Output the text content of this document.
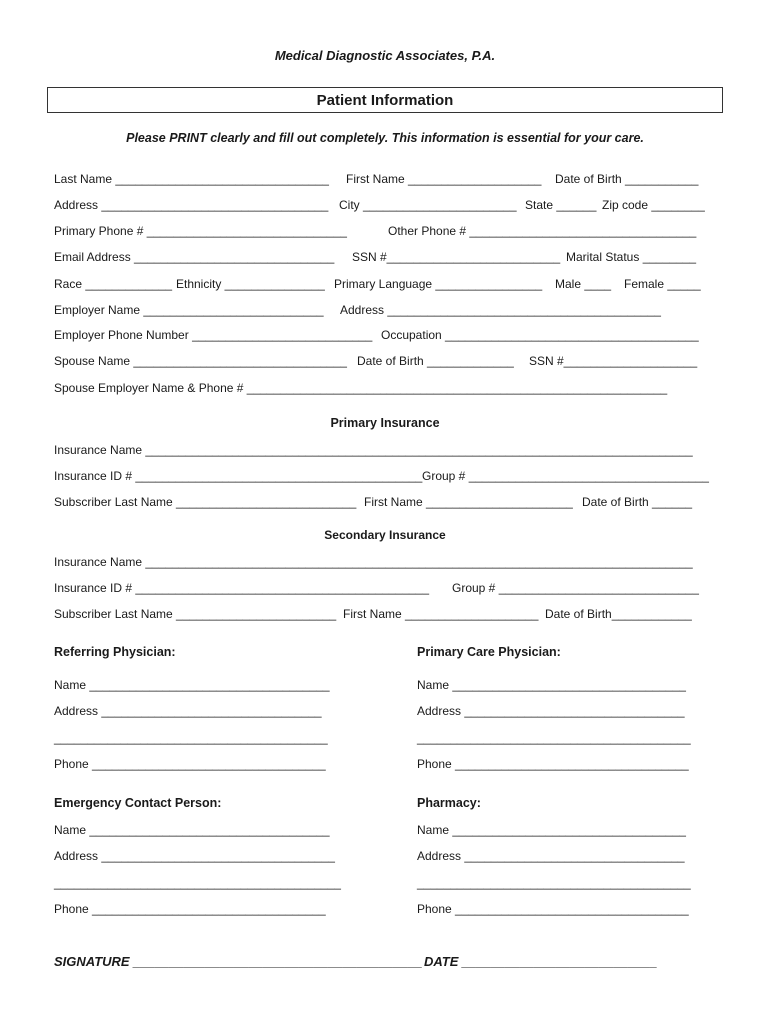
Medical Diagnostic Associates, P.A.
Patient Information
Please PRINT clearly and fill out completely. This information is essential for your care.
Last Name ________________________________ First Name ____________________ Date of Birth ___________
Address __________________________________ City _______________________ State ______ Zip code ________
Primary Phone # ______________________________	Other Phone # __________________________________
Email Address ______________________________ SSN #__________________________ Marital Status ________
Race _____________ Ethnicity _______________ Primary Language ________________ Male ____ Female _____
Employer Name ___________________________ Address _________________________________________
Employer Phone Number ___________________________ Occupation ______________________________________
Spouse Name ________________________________ Date of Birth _____________ SSN #____________________
Spouse Employer Name & Phone # _______________________________________________________________
Primary Insurance
Insurance Name __________________________________________________________________________________
Insurance ID # ___________________________________________ Group # ____________________________________
Subscriber Last Name ___________________________ First Name ______________________ Date of Birth ______
Secondary Insurance
Insurance Name __________________________________________________________________________________
Insurance ID # ____________________________________________ Group # ______________________________
Subscriber Last Name ________________________ First Name ____________________ Date of Birth____________
Referring Physician:	Primary Care Physician:
Name ____________________________________	Name ___________________________________
Address _________________________________	Address _________________________________
_________________________________________	_________________________________________
Phone ___________________________________	Phone ___________________________________
Emergency Contact Person:	Pharmacy:
Name ____________________________________	Name ___________________________________
Address ___________________________________	Address _________________________________
___________________________________________	_________________________________________
Phone ___________________________________	Phone ___________________________________
SIGNATURE ________________________________________ DATE ___________________________
